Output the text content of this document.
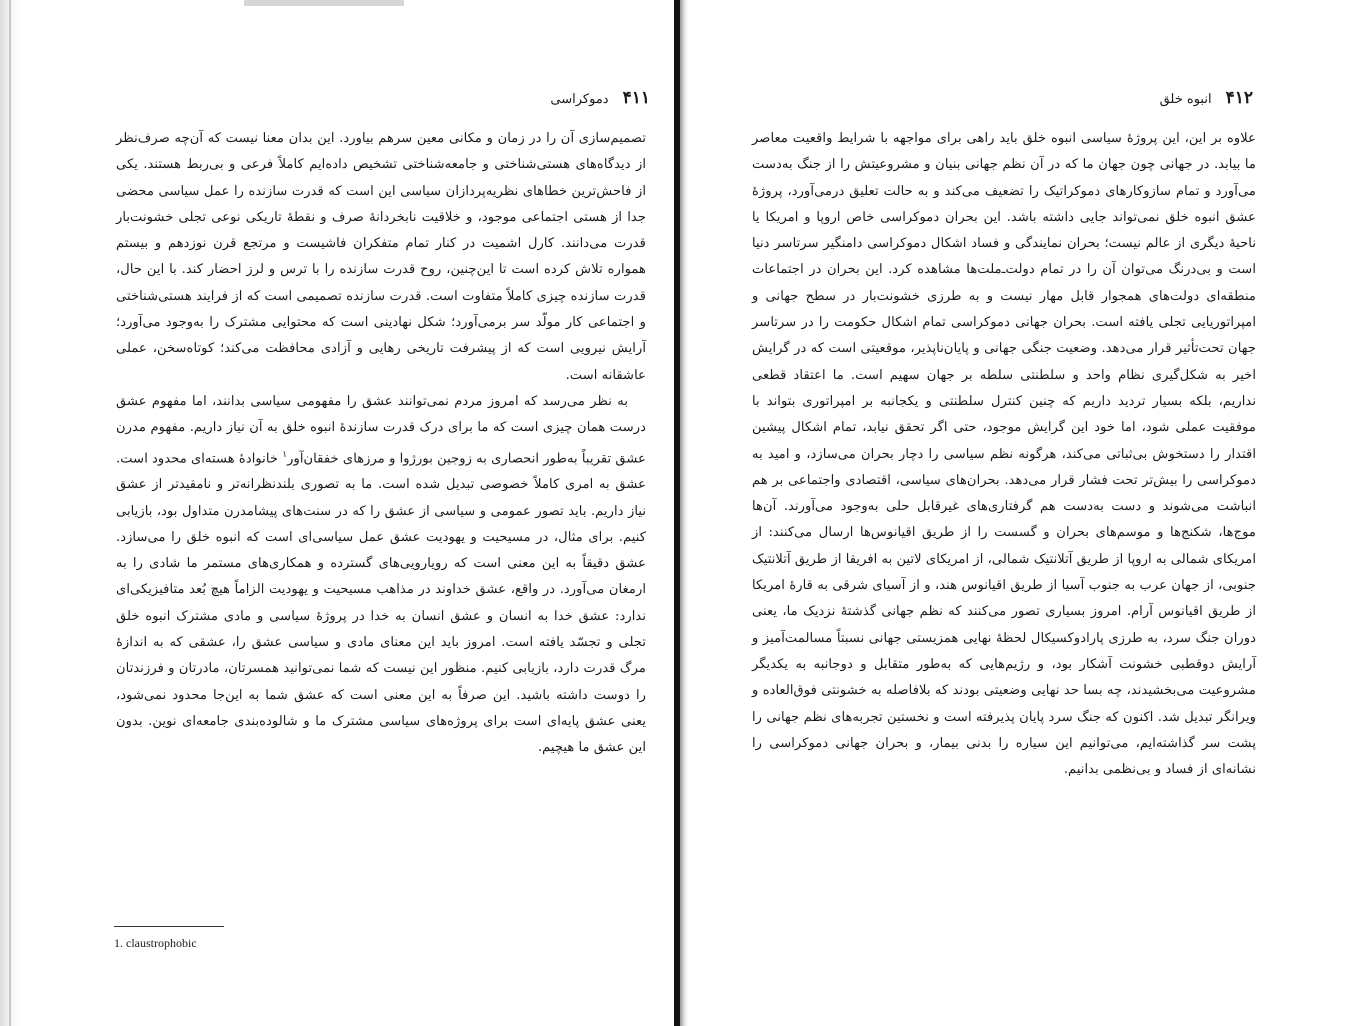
۴۱۱
دموکراسی

تصمیم‌سازی آن را در زمان و مکانی معین سرهم بیاورد. این بدان معنا نیست که آن‌چه صرف‌نظر از دیدگاه‌های هستی‌شناختی و جامعه‌شناختی تشخیص داده‌ایم کاملاً فرعی و بی‌ربط هستند. یکی از فاحش‌ترین خطاهای نظریه‌پردازان سیاسی این است که قدرت سازنده را عمل سیاسی محضی جدا از هستی اجتماعی موجود، و خلاقیت نابخردانهٔ صرف و نقطهٔ تاریکی نوعی تجلی خشونت‌بار قدرت می‌دانند. کارل اشمیت در کنار تمام متفکران فاشیست و مرتجع قرن نوزدهم و بیستم همواره تلاش کرده است تا این‌چنین، روح قدرت سازنده را با ترس و لرز احضار کند. با این حال، قدرت سازنده چیزی کاملاً متفاوت است. قدرت سازنده تصمیمی است که از فرایند هستی‌شناختی و اجتماعی کار مولّد سر برمی‌آورد؛ شکل نهادینی است که محتوایی مشترک را به‌وجود می‌آورد؛ آرایش نیرویی است که از پیشرفت تاریخی رهایی و آزادی محافظت می‌کند؛ کوتاه‌سخن، عملی عاشقانه است.

به نظر می‌رسد که امروز مردم نمی‌توانند عشق را مفهومی سیاسی بدانند، اما مفهوم عشق درست همان چیزی است که ما برای درک قدرت سازندهٔ انبوه خلق به آن نیاز داریم. مفهوم مدرن عشق تقریباً به‌طور انحصاری به زوجین بورژوا و مرزهای خفقان‌آور$^۱$ خانوادهٔ هسته‌ای محدود است. عشق به امری کاملاً خصوصی تبدیل شده است. ما به تصوری بلندنظرانه‌تر و نامقیدتر از عشق نیاز داریم. باید تصور عمومی و سیاسی از عشق را که در سنت‌های پیشامدرن متداول بود، بازیابی کنیم. برای مثال، در مسیحیت و یهودیت عشق عمل سیاسی‌ای است که انبوه خلق را می‌سازد. عشق دقیقاً به این معنی است که رویارویی‌های گسترده و همکاری‌های مستمر ما شادی را به ارمغان می‌آورد. در واقع، عشق خداوند در مذاهب مسیحیت و یهودیت الزاماً هیچ بُعد متافیزیکی‌ای ندارد: عشق خدا به انسان و عشق انسان به خدا در پروژهٔ سیاسی و مادی مشترک انبوه خلق تجلی و تجسّد یافته است. امروز باید این معنای مادی و سیاسی عشق را، عشقی که به اندازهٔ مرگ قدرت دارد، بازیابی کنیم. منظور این نیست که شما نمی‌توانید همسرتان، مادرتان و فرزندتان را دوست داشته باشید. این صرفاً به این معنی است که عشق شما به این‌جا محدود نمی‌شود، یعنی عشق پایه‌ای است برای پروژه‌های سیاسی مشترک ما و شالوده‌بندی جامعه‌ای نوین. بدون این عشق ما هیچیم.

1. claustrophobic
۴۱۲
انبوه خلق

علاوه بر این، این پروژهٔ سیاسی انبوه خلق باید راهی برای مواجهه با شرایط واقعیت معاصر ما بیابد. در جهانی چون جهان ما که در آن نظم جهانی بنیان و مشروعیتش را از جنگ به‌دست می‌آورد و تمام سازوکارهای دموکراتیک را تضعیف می‌کند و به حالت تعلیق درمی‌آورد، پروژهٔ عشق انبوه خلق نمی‌تواند جایی داشته باشد. این بحران دموکراسی خاص اروپا و امریکا یا ناحیهٔ دیگری از عالم نیست؛ بحران نمایندگی و فساد اشکال دموکراسی دامنگیر سرتاسر دنیا است و بی‌درنگ می‌توان آن را در تمام دولت‌ـ‌ملت‌ها مشاهده کرد. این بحران در اجتماعات منطقه‌ای دولت‌های همجوار قابل مهار نیست و به طرزی خشونت‌بار در سطح جهانی و امپراتوریایی تجلی یافته است. بحران جهانی دموکراسی تمام اشکال حکومت را در سرتاسر جهان تحت‌تأثیر قرار می‌دهد. وضعیت جنگی جهانی و پایان‌ناپذیر، موقعیتی است که در گرایش اخیر به شکل‌گیری نظام واحد و سلطنتی سلطه بر جهان سهیم است. ما اعتقاد قطعی نداریم، بلکه بسیار تردید داریم که چنین کنترل سلطنتی و یکجانبه بر امپراتوری بتواند با موفقیت عملی شود، اما خود این گرایش موجود، حتی اگر تحقق نیابد، تمام اشکال پیشین اقتدار را دستخوش بی‌ثباتی می‌کند، هرگونه نظم سیاسی را دچار بحران می‌سازد، و امید به دموکراسی را بیش‌تر تحت فشار قرار می‌دهد. بحران‌های سیاسی، اقتصادی واجتماعی بر هم انباشت می‌شوند و دست به‌دست هم گرفتاری‌های غیرقابل حلی به‌وجود می‌آورند. آن‌ها موج‌ها، شکنج‌ها و موسم‌های بحران و گسست را از طریق اقیانوس‌ها ارسال می‌کنند: از امریکای شمالی به اروپا از طریق آتلانتیک شمالی، از امریکای لاتین به افریقا از طریق آتلانتیک جنوبی، از جهان عرب به جنوب آسیا از طریق اقیانوس هند، و از آسیای شرقی به قارهٔ امریکا از طریق اقیانوس آرام. امروز بسیاری تصور می‌کنند که نظم جهانی گذشتهٔ نزدیک ما، یعنی دوران جنگ سرد، به طرزی پارادوکسیکال لحظهٔ نهایی همزیستی جهانی نسبتاً مسالمت‌آمیز و آرایش دوقطبی خشونت آشکار بود، و رژیم‌هایی که به‌طور متقابل و دوجانبه به یکدیگر مشروعیت می‌بخشیدند، چه بسا حد نهایی وضعیتی بودند که بلافاصله به خشونتی فوق‌العاده و ویرانگر تبدیل شد. اکنون که جنگ سرد پایان پذیرفته است و نخستین تجربه‌های نظم جهانی را پشت سر گذاشته‌ایم، می‌توانیم این سیاره را بدنی بیمار، و بحران جهانی دموکراسی را نشانه‌ای از فساد و بی‌نظمی بدانیم.
